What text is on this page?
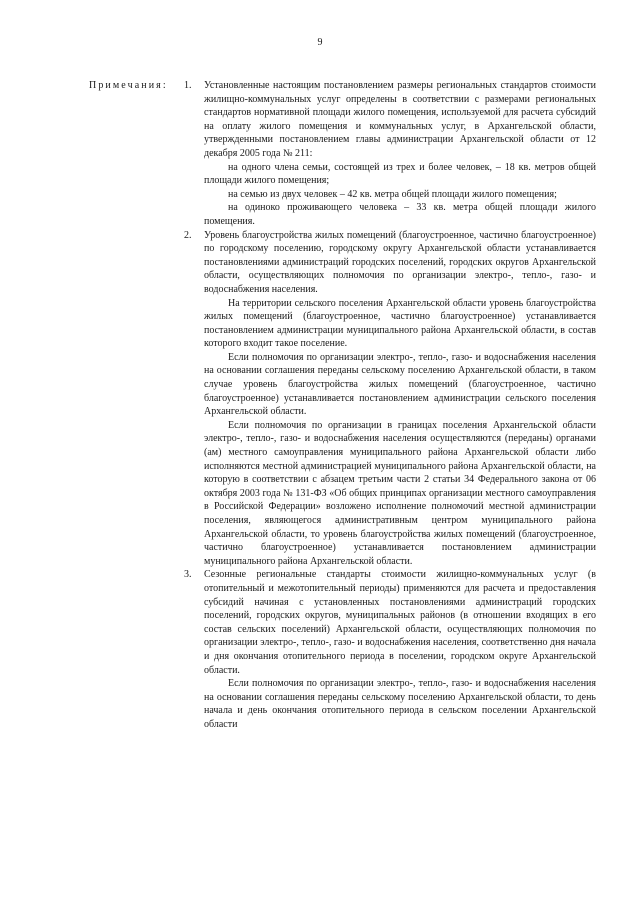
9
Примечания: 1. Установленные настоящим постановлением размеры региональных стандартов стоимости жилищно-коммунальных услуг определены в соответствии с размерами региональных стандартов нормативной площади жилого помещения, используемой для расчета субсидий на оплату жилого помещения и коммунальных услуг, в Архангельской области, утвержденными постановлением главы администрации Архангельской области от 12 декабря 2005 года № 211:

на одного члена семьи, состоящей из трех и более человек, – 18 кв. метров общей площади жилого помещения;

на семью из двух человек – 42 кв. метра общей площади жилого помещения;

на одиноко проживающего человека – 33 кв. метра общей площади жилого помещения.

2. Уровень благоустройства жилых помещений (благоустроенное, частично благоустроенное) по городскому поселению, городскому округу Архангельской области устанавливается постановлениями администраций городских поселений, городских округов Архангельской области, осуществляющих полномочия по организации электро-, тепло-, газо- и водоснабжения населения.

На территории сельского поселения Архангельской области уровень благоустройства жилых помещений (благоустроенное, частично благоустроенное) устанавливается постановлением администрации муниципального района Архангельской области, в состав которого входит такое поселение.

Если полномочия по организации электро-, тепло-, газо- и водоснабжения населения на основании соглашения переданы сельскому поселению Архангельской области, в таком случае уровень благоустройства жилых помещений (благоустроенное, частично благоустроенное) устанавливается постановлением администрации сельского поселения Архангельской области.

Если полномочия по организации в границах поселения Архангельской области электро-, тепло-, газо- и водоснабжения населения осуществляются (переданы) органами (ам) местного самоуправления муниципального района Архангельской области либо исполняются местной администрацией муниципального района Архангельской области, на которую в соответствии с абзацем третьим части 2 статьи 34 Федерального закона от 06 октября 2003 года № 131-ФЗ «Об общих принципах организации местного самоуправления в Российской Федерации» возложено исполнение полномочий местной администрации поселения, являющегося административным центром муниципального района Архангельской области, то уровень благоустройства жилых помещений (благоустроенное, частично благоустроенное) устанавливается постановлением администрации муниципального района Архангельской области.

3. Сезонные региональные стандарты стоимости жилищно-коммунальных услуг (в отопительный и межотопительный периоды) применяются для расчета и предоставления субсидий начиная с установленных постановлениями администраций городских поселений, городских округов, муниципальных районов (в отношении входящих в его состав сельских поселений) Архангельской области, осуществляющих полномочия по организации электро-, тепло-, газо- и водоснабжения населения, соответственно дня начала и дня окончания отопительного периода в поселении, городском округе Архангельской области.

Если полномочия по организации электро-, тепло-, газо- и водоснабжения населения на основании соглашения переданы сельскому поселению Архангельской области, то день начала и день окончания отопительного периода в сельском поселении Архангельской области
